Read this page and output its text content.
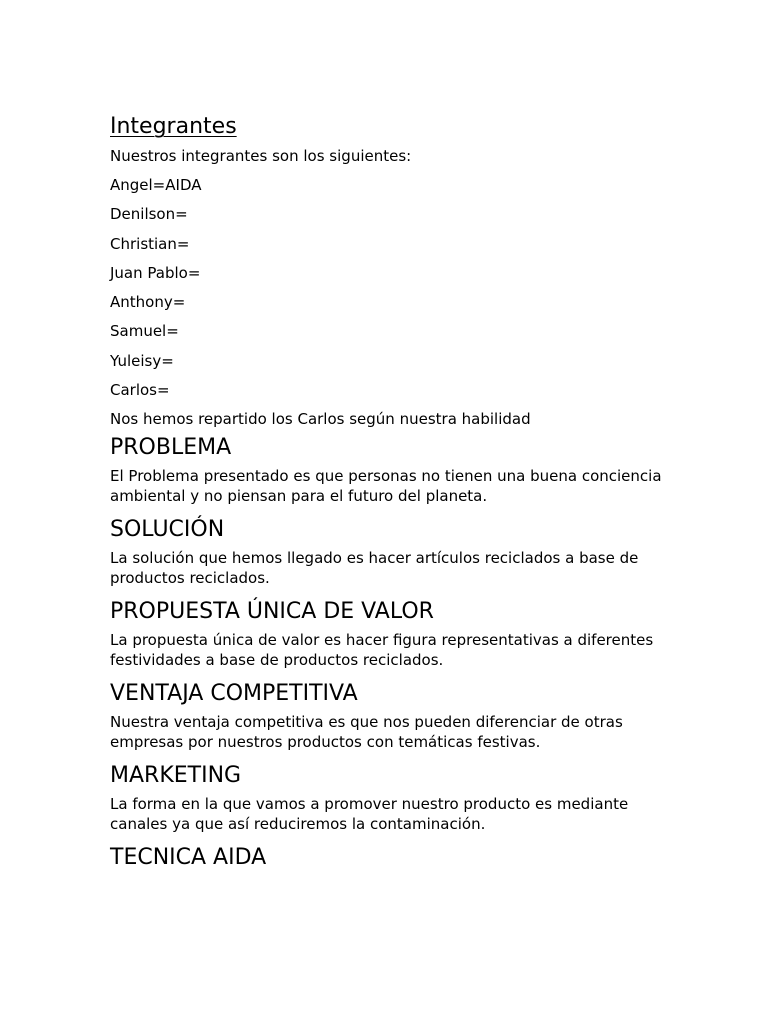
Integrantes

Nuestros integrantes son los siguientes:

Angel=AIDA

Denilson=

Christian=

Juan Pablo=

Anthony=

Samuel=

Yuleisy=

Carlos=

Nos hemos repartido los Carlos según nuestra habilidad

PROBLEMA

El Problema presentado es que personas no tienen una buena conciencia ambiental y no piensan para el futuro del planeta.

SOLUCIÓN

La solución que hemos llegado es hacer artículos reciclados a base de productos reciclados.

PROPUESTA ÚNICA DE VALOR

La propuesta única de valor es hacer figura representativas a diferentes festividades a base de productos reciclados.

VENTAJA COMPETITIVA

Nuestra ventaja competitiva es que nos pueden diferenciar de otras empresas por nuestros productos con temáticas festivas.

MARKETING

La forma en la que vamos a promover nuestro producto es mediante canales ya que así reduciremos la contaminación.

TECNICA AIDA
